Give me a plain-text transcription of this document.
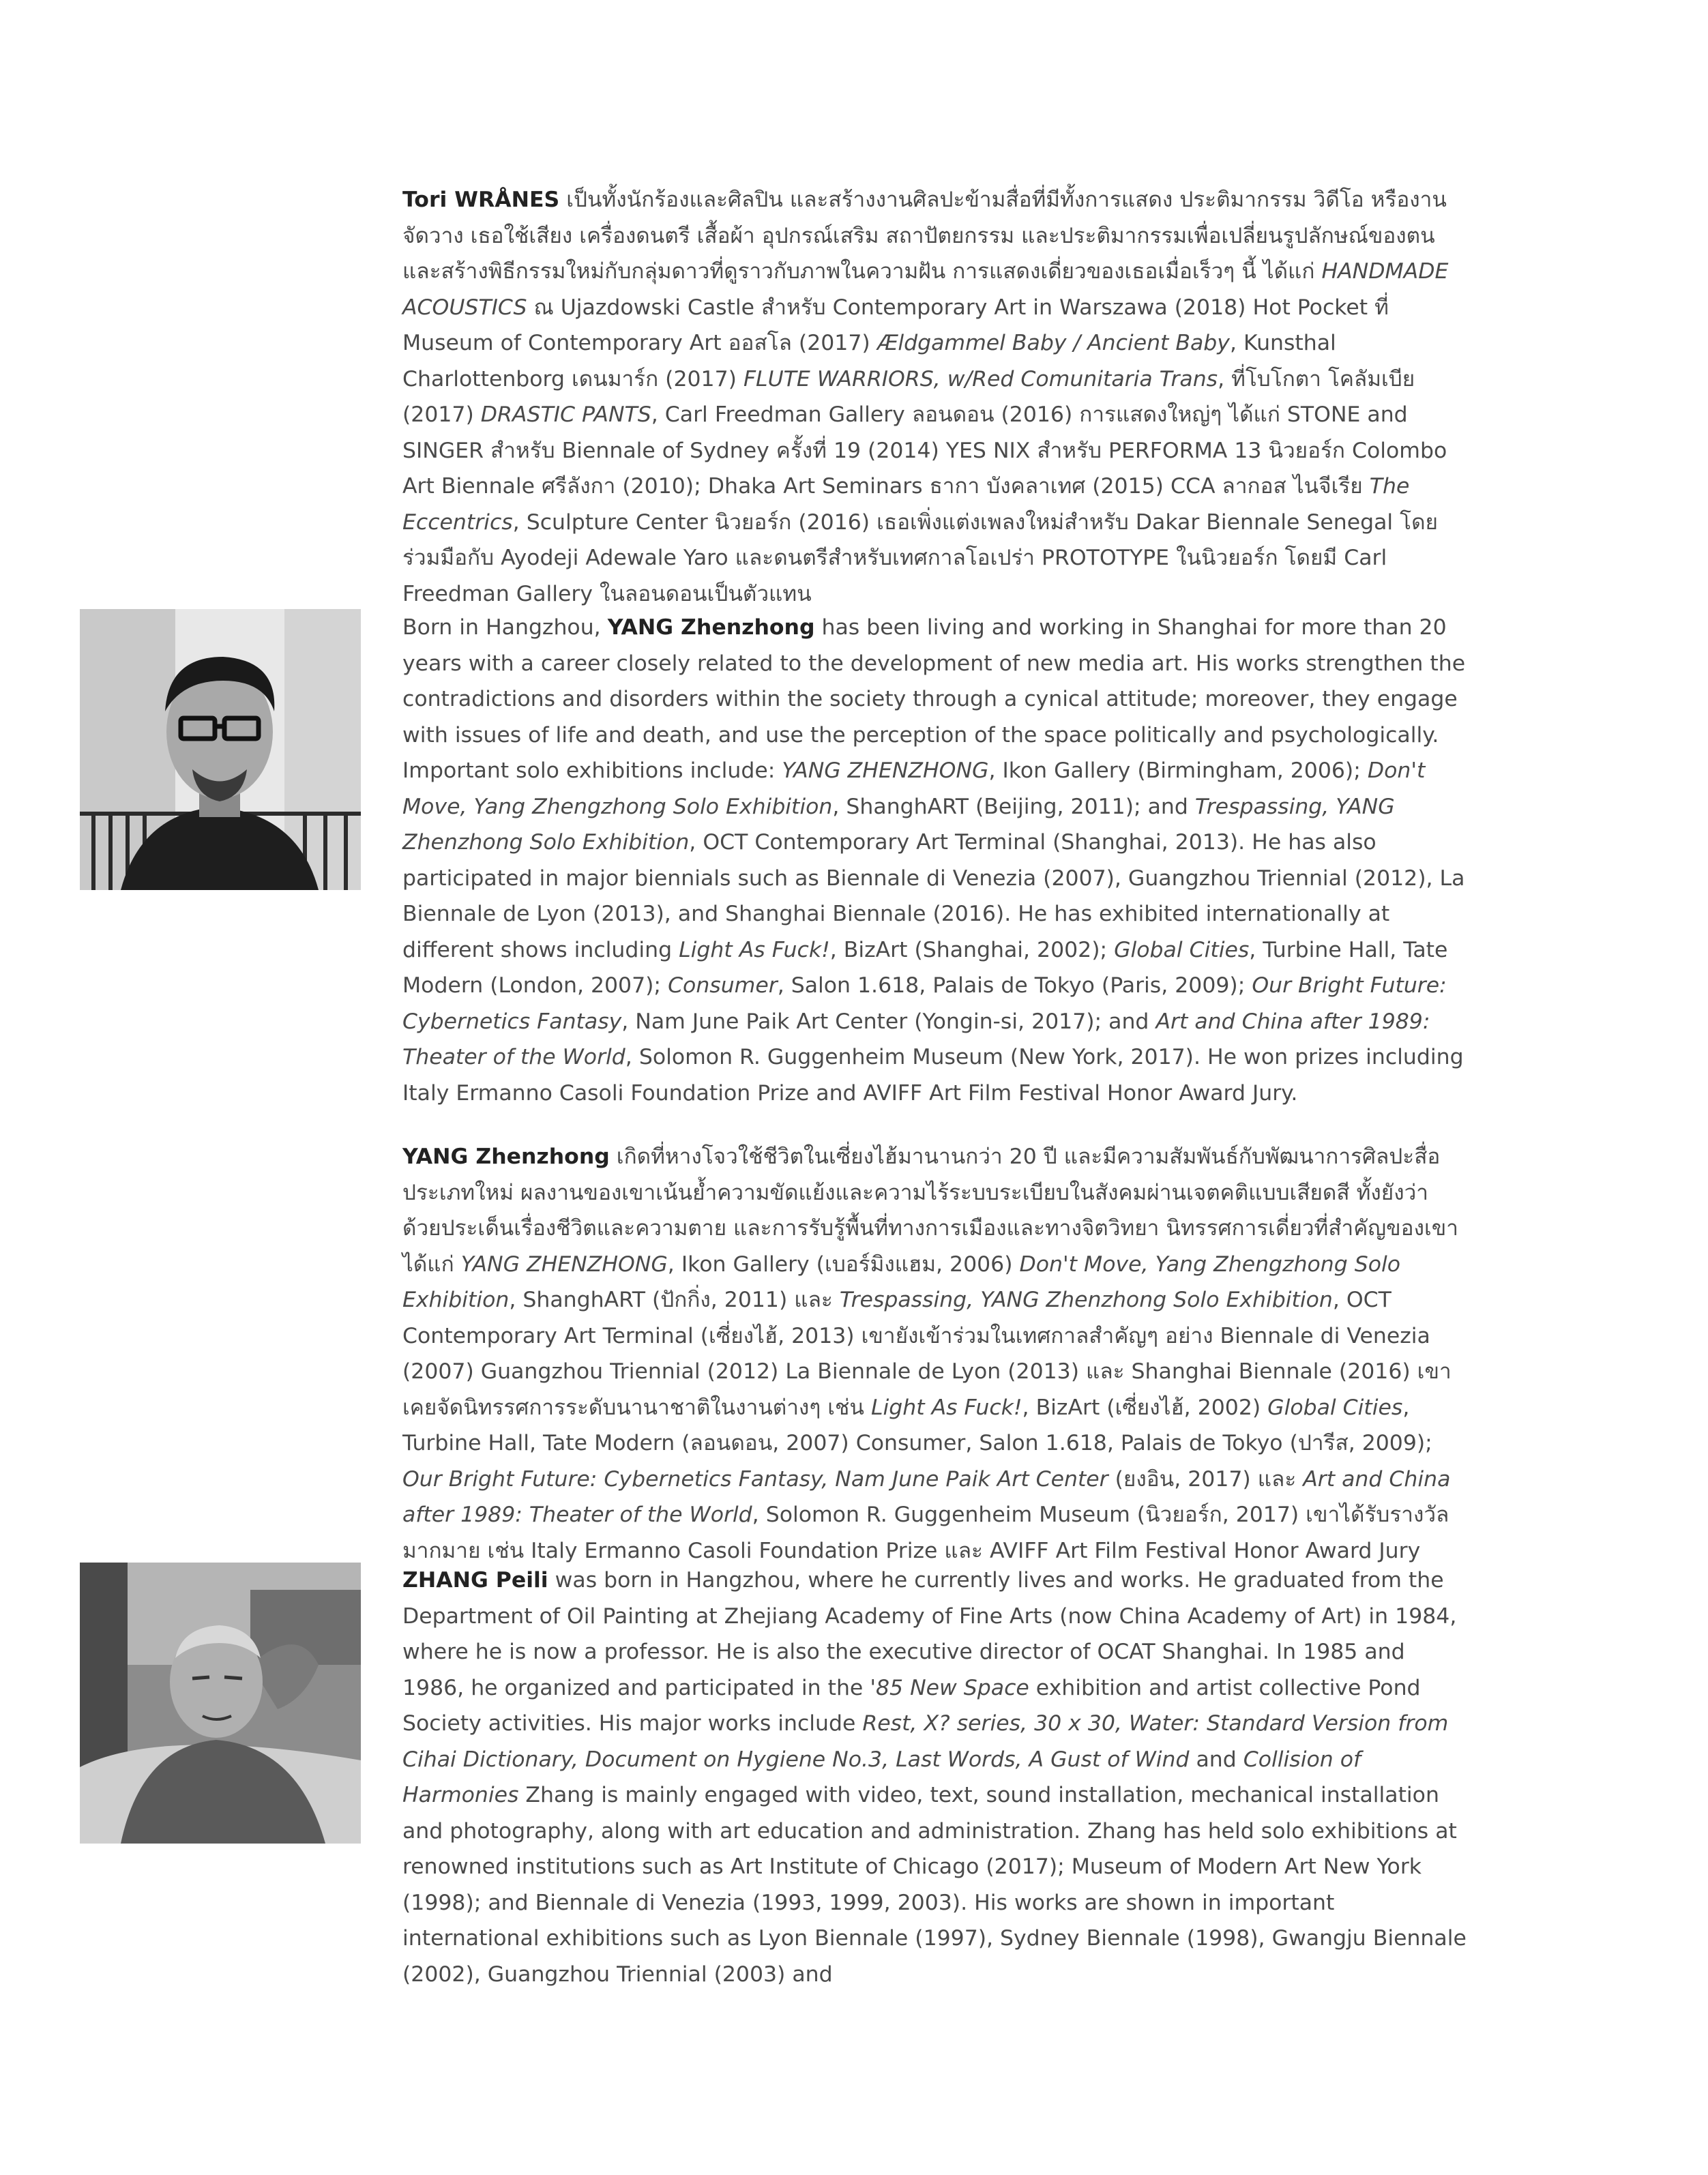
Tori WRÅNES เป็นทั้งนักร้องและศิลปิน และสร้างงานศิลปะข้ามสื่อที่มีทั้งการแสดง ประติมากรรม วิดีโอ หรืองานจัดวาง เธอใช้เสียง เครื่องดนตรี เสื้อผ้า อุปกรณ์เสริม สถาปัตยกรรม และประติมากรรมเพื่อเปลี่ยนรูปลักษณ์ของตน และสร้างพิธีกรรมใหม่กับกลุ่มดาวที่ดูราวกับภาพในความฝัน การแสดงเดี่ยวของเธอเมื่อเร็วๆ นี้ ได้แก่ HANDMADE ACOUSTICS ณ Ujazdowski Castle สำหรับ Contemporary Art in Warszawa (2018) Hot Pocket ที่ Museum of Contemporary Art ออสโล (2017) Ældgammel Baby / Ancient Baby, Kunsthal Charlottenborg เดนมาร์ก (2017) FLUTE WARRIORS, w/Red Comunitaria Trans, ที่โบโกตา โคลัมเบีย (2017) DRASTIC PANTS, Carl Freedman Gallery ลอนดอน (2016) การแสดงใหญ่ๆ ได้แก่ STONE and SINGER สำหรับ Biennale of Sydney ครั้งที่ 19 (2014) YES NIX สำหรับ PERFORMA 13 นิวยอร์ก Colombo Art Biennale ศรีลังกา (2010); Dhaka Art Seminars ธากา บังคลาเทศ (2015) CCA ลากอส ไนจีเรีย The Eccentrics, Sculpture Center นิวยอร์ก (2016) เธอเพิ่งแต่งเพลงใหม่สำหรับ Dakar Biennale Senegal โดยร่วมมือกับ Ayodeji Adewale Yaro และดนตรีสำหรับเทศกาลโอเปร่า PROTOTYPE ในนิวยอร์ก โดยมี Carl Freedman Gallery ในลอนดอนเป็นตัวแทน

Born in Hangzhou, YANG Zhenzhong has been living and working in Shanghai for more than 20 years with a career closely related to the development of new media art. His works strengthen the contradictions and disorders within the society through a cynical attitude; moreover, they engage with issues of life and death, and use the perception of the space politically and psychologically. Important solo exhibitions include: YANG ZHENZHONG, Ikon Gallery (Birmingham, 2006); Don't Move, Yang Zhengzhong Solo Exhibition, ShanghART (Beijing, 2011); and Trespassing, YANG Zhenzhong Solo Exhibition, OCT Contemporary Art Terminal (Shanghai, 2013). He has also participated in major biennials such as Biennale di Venezia (2007), Guangzhou Triennial (2012), La Biennale de Lyon (2013), and Shanghai Biennale (2016). He has exhibited internationally at different shows including Light As Fuck!, BizArt (Shanghai, 2002); Global Cities, Turbine Hall, Tate Modern (London, 2007); Consumer, Salon 1.618, Palais de Tokyo (Paris, 2009); Our Bright Future: Cybernetics Fantasy, Nam June Paik Art Center (Yongin-si, 2017); and Art and China after 1989: Theater of the World, Solomon R. Guggenheim Museum (New York, 2017). He won prizes including Italy Ermanno Casoli Foundation Prize and AVIFF Art Film Festival Honor Award Jury.

YANG Zhenzhong เกิดที่หางโจวใช้ชีวิตในเซี่ยงไฮ้มานานกว่า 20 ปี และมีความสัมพันธ์กับพัฒนาการศิลปะสื่อประเภทใหม่ ผลงานของเขาเน้นย้ำความขัดแย้งและความไร้ระบบระเบียบในสังคมผ่านเจตคติแบบเสียดสี ทั้งยังว่าด้วยประเด็นเรื่องชีวิตและความตาย และการรับรู้พื้นที่ทางการเมืองและทางจิตวิทยา นิทรรศการเดี่ยวที่สำคัญของเขา ได้แก่ YANG ZHENZHONG, Ikon Gallery (เบอร์มิงแฮม, 2006) Don't Move, Yang Zhengzhong Solo Exhibition, ShanghART (ปักกิ่ง, 2011) และ Trespassing, YANG Zhenzhong Solo Exhibition, OCT Contemporary Art Terminal (เซี่ยงไฮ้, 2013) เขายังเข้าร่วมในเทศกาลสำคัญๆ อย่าง Biennale di Venezia (2007) Guangzhou Triennial (2012) La Biennale de Lyon (2013) และ Shanghai Biennale (2016) เขาเคยจัดนิทรรศการระดับนานาชาติในงานต่างๆ เช่น Light As Fuck!, BizArt (เซี่ยงไฮ้, 2002) Global Cities, Turbine Hall, Tate Modern (ลอนดอน, 2007) Consumer, Salon 1.618, Palais de Tokyo (ปารีส, 2009); Our Bright Future: Cybernetics Fantasy, Nam June Paik Art Center (ยงอิน, 2017) และ Art and China after 1989: Theater of the World, Solomon R. Guggenheim Museum (นิวยอร์ก, 2017) เขาได้รับรางวัลมากมาย เช่น Italy Ermanno Casoli Foundation Prize และ AVIFF Art Film Festival Honor Award Jury

ZHANG Peili was born in Hangzhou, where he currently lives and works. He graduated from the Department of Oil Painting at Zhejiang Academy of Fine Arts (now China Academy of Art) in 1984, where he is now a professor. He is also the executive director of OCAT Shanghai. In 1985 and 1986, he organized and participated in the '85 New Space exhibition and artist collective Pond Society activities. His major works include Rest, X? series, 30 x 30, Water: Standard Version from Cihai Dictionary, Document on Hygiene No.3, Last Words, A Gust of Wind and Collision of Harmonies Zhang is mainly engaged with video, text, sound installation, mechanical installation and photography, along with art education and administration. Zhang has held solo exhibitions at renowned institutions such as Art Institute of Chicago (2017); Museum of Modern Art New York (1998); and Biennale di Venezia (1993, 1999, 2003). His works are shown in important international exhibitions such as Lyon Biennale (1997), Sydney Biennale (1998), Gwangju Biennale (2002), Guangzhou Triennial (2003) and
